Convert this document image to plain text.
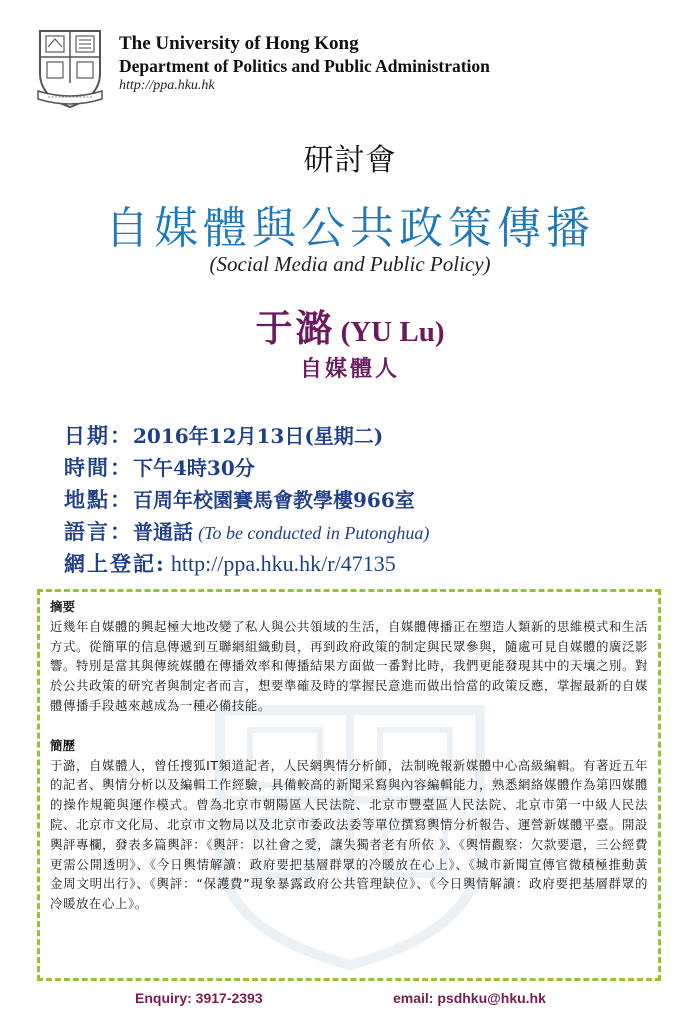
The University of Hong Kong
Department of Politics and Public Administration
http://ppa.hku.hk
研討會
自媒體與公共政策傳播
(Social Media and Public Policy)
于潞 (YU Lu)
自媒體人
日期：2016年12月13日(星期二)
時間：下午4時30分
地點：百周年校園賽馬會教學樓966室
語言：普通話 (To be conducted in Putonghua)
網上登記: http://ppa.hku.hk/r/47135
摘要
近幾年自媒體的興起極大地改變了私人與公共領域的生活，自媒體傳播正在塑造人類新的思維模式和生活方式。從簡單的信息傳遞到互聯網組織動員，再到政府政策的制定與民眾參與，隨處可見自媒體的廣泛影響。特別是當其與傳統媒體在傳播效率和傳播結果方面做一番對比時，我們更能發現其中的天壤之別。對於公共政策的研究者與制定者而言，想要準確及時的掌握民意進而做出恰當的政策反應，掌握最新的自媒體傳播手段越來越成為一種必備技能。
簡歷
于潞，自媒體人，曾任搜狐IT頻道記者，人民網輿情分析師，法制晚報新媒體中心高級編輯。有著近五年的記者、輿情分析以及編輯工作經驗，具備較高的新聞采寫與內容編輯能力，熟悉網絡媒體作為第四媒體的操作規範與運作模式。曾為北京市朝陽區人民法院、北京市豐臺區人民法院、北京市第一中級人民法院、北京市文化局、北京市文物局以及北京市委政法委等單位撰寫輿情分析報告、運營新媒體平臺。開設輿評專欄，發表多篇輿評：《輿評：以社會之愛，讓失獨者老有所依 》、《輿情觀察：欠款要還，三公經費更需公開透明》、《今日輿情解讀：政府要把基層群眾的冷暖放在心上》、《城市新聞宣傳官微積極推動黃金周文明出行》、《輿評：“保護費”現象暴露政府公共管理缺位》、《今日輿情解讀：政府要把基層群眾的冷暖放在心上》。
Enquiry: 3917-2393	email: psdhku@hku.hk
